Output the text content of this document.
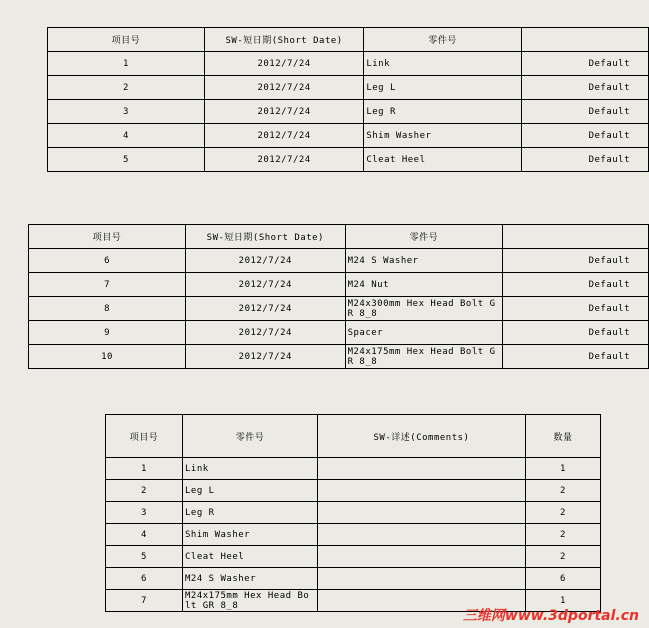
项目号	SW-短日期(Short Date)	零件号	
1	2012/7/24	Link	Default
2	2012/7/24	Leg L	Default
3	2012/7/24	Leg R	Default
4	2012/7/24	Shim Washer	Default
5	2012/7/24	Cleat Heel	Default
项目号	SW-短日期(Short Date)	零件号	
6	2012/7/24	M24 S Washer	Default
7	2012/7/24	M24 Nut	Default
8	2012/7/24	M24x300mm Hex Head Bolt GR 8_8	Default
9	2012/7/24	Spacer	Default
10	2012/7/24	M24x175mm Hex Head Bolt GR 8_8	Default
项目号	零件号	SW-详述(Comments)	数量
1	Link		1
2	Leg L		2
3	Leg R		2
4	Shim Washer		2
5	Cleat Heel		2
6	M24 S Washer		6
7	M24x175mm Hex Head Bolt GR 8_8		1
三维网www.3dportal.cn
